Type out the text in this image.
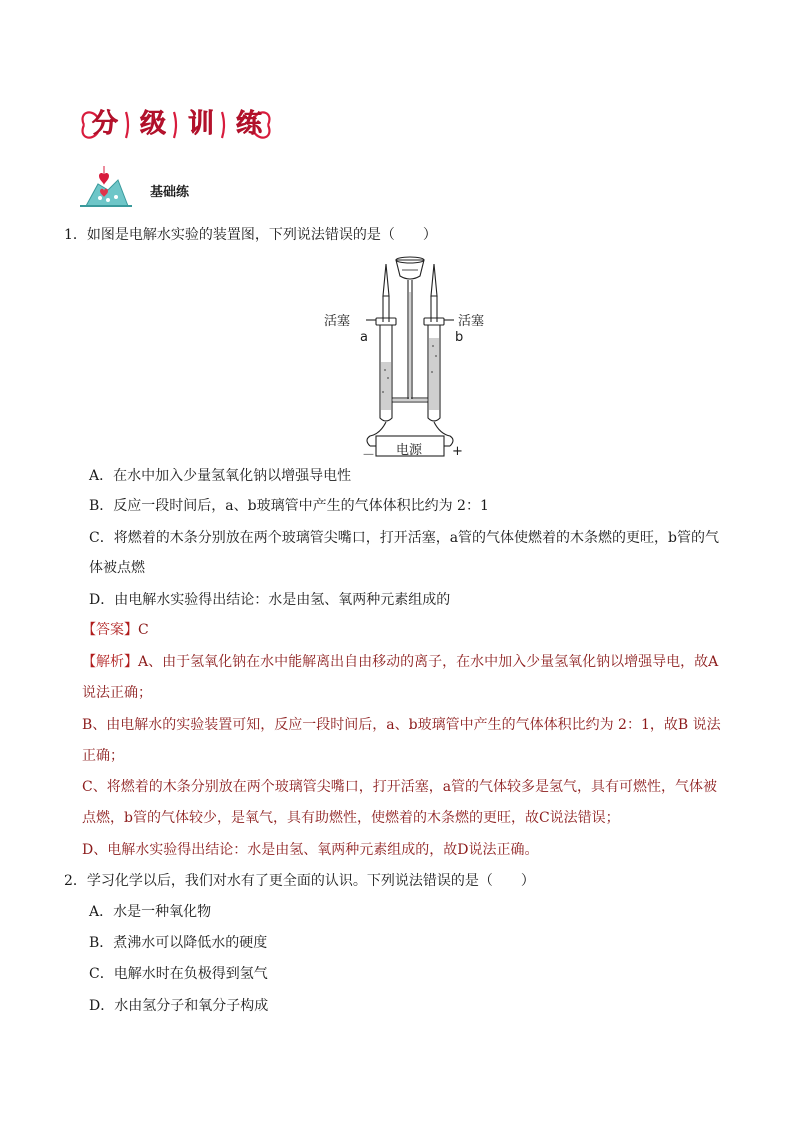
分 级 训 练
基础练
1．如图是电解水实验的装置图，下列说法错误的是（　　）
活塞	活塞
a	b
电源
－	+
A．在水中加入少量氢氧化钠以增强导电性
B．反应一段时间后，a、b玻璃管中产生的气体体积比约为 2：1
C．将燃着的木条分别放在两个玻璃管尖嘴口，打开活塞，a管的气体使燃着的木条燃的更旺，b管的气
体被点燃
D．由电解水实验得出结论：水是由氢、氧两种元素组成的
【答案】C
【解析】A、由于氢氧化钠在水中能解离出自由移动的离子，在水中加入少量氢氧化钠以增强导电，故A
说法正确；
B、由电解水的实验装置可知，反应一段时间后，a、b玻璃管中产生的气体体积比约为 2：1，故B 说法
正确；
C、将燃着的木条分别放在两个玻璃管尖嘴口，打开活塞，a管的气体较多是氢气，具有可燃性，气体被
点燃，b管的气体较少，是氧气，具有助燃性，使燃着的木条燃的更旺，故C说法错误；
D、电解水实验得出结论：水是由氢、氧两种元素组成的，故D说法正确。
2．学习化学以后，我们对水有了更全面的认识。下列说法错误的是（　　）
A．水是一种氧化物
B．煮沸水可以降低水的硬度
C．电解水时在负极得到氢气
D．水由氢分子和氧分子构成
